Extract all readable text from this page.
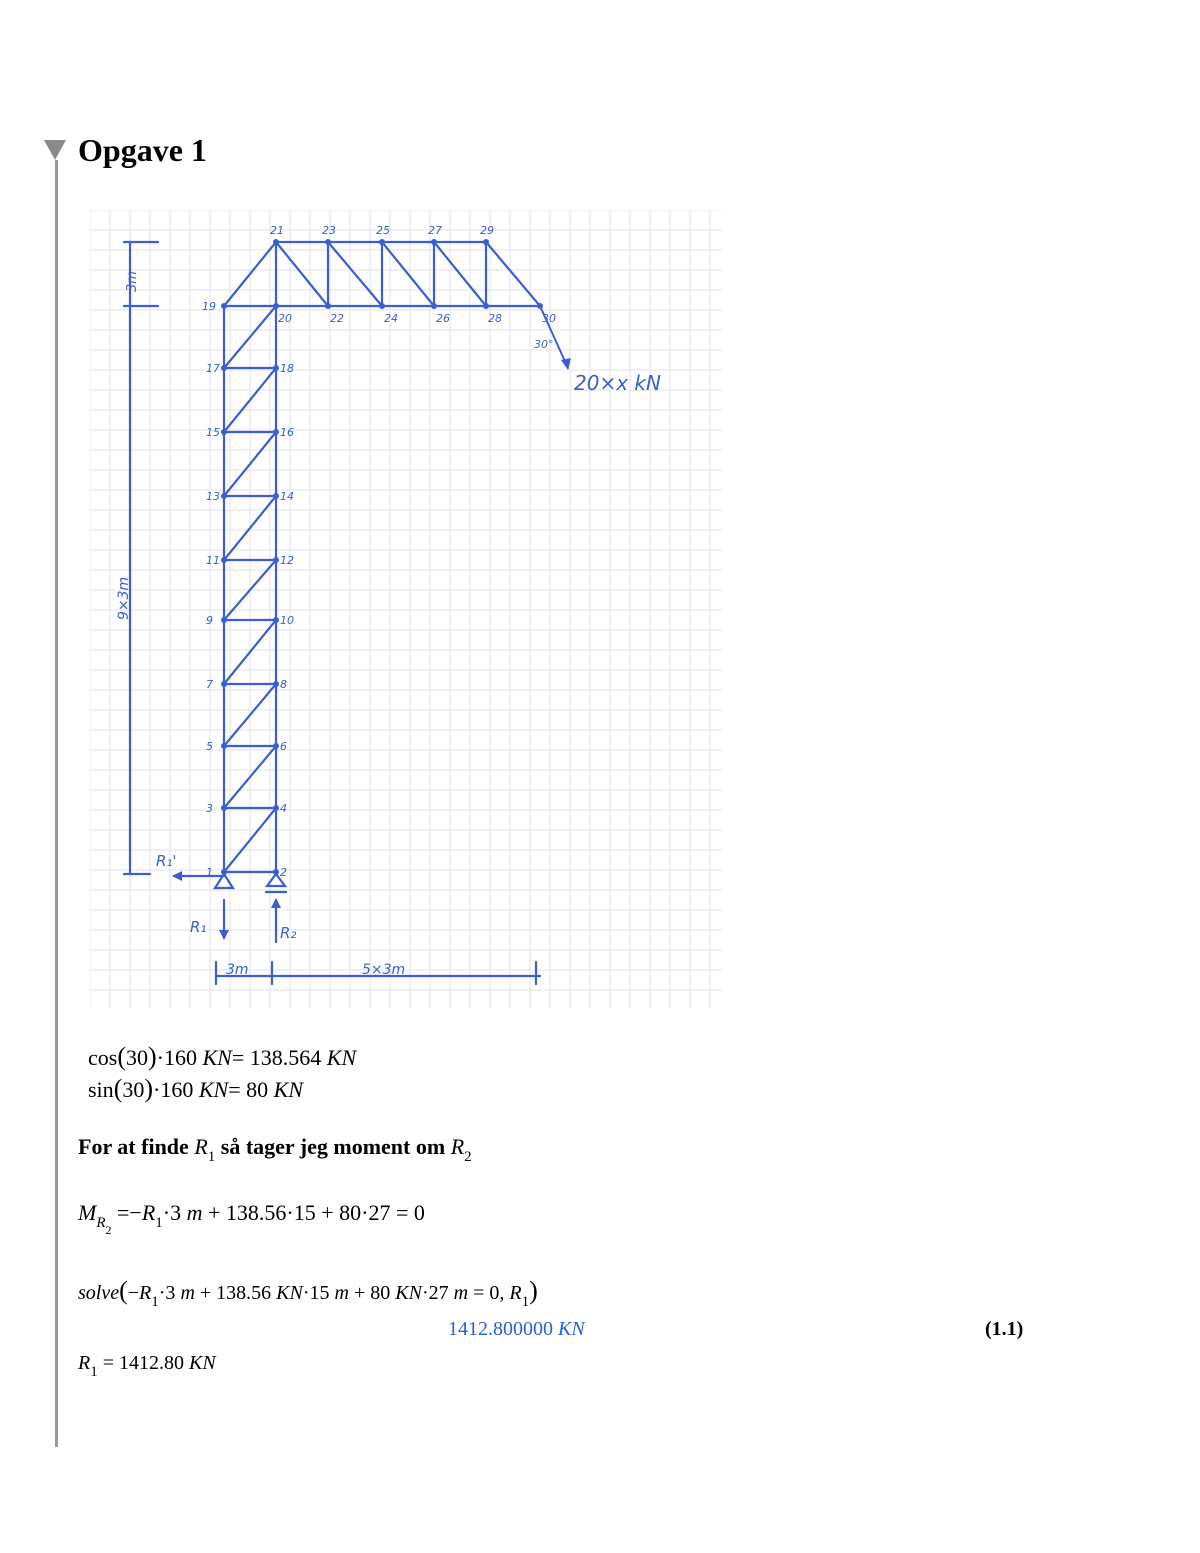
Opgave 1
21	23	25	27	29
19
20	22	24	26	28	30
17	18
15	16
13	14
11	12
9	10
7	8
5	6
3	4
1	2
30°
20×x kN
R₁'
R₁	R₂
3m
9×3m
3m	5×3m
cos(30)·160 KN= 138.564 KN
sin(30)·160 KN= 80 KN
For at finde $R_1$ så tager jeg moment om $R_2$
$M_{R2} =-R_1\cdot 3$ m + 138.56·15 + 80·27 = 0
$solve(-R_1\cdot 3$ m + 138.56 KN·15 m + 80 KN·27 m = 0, $R_1$)
1412.800000 KN	(1.1)
$R_1 = 1412.80$ KN
